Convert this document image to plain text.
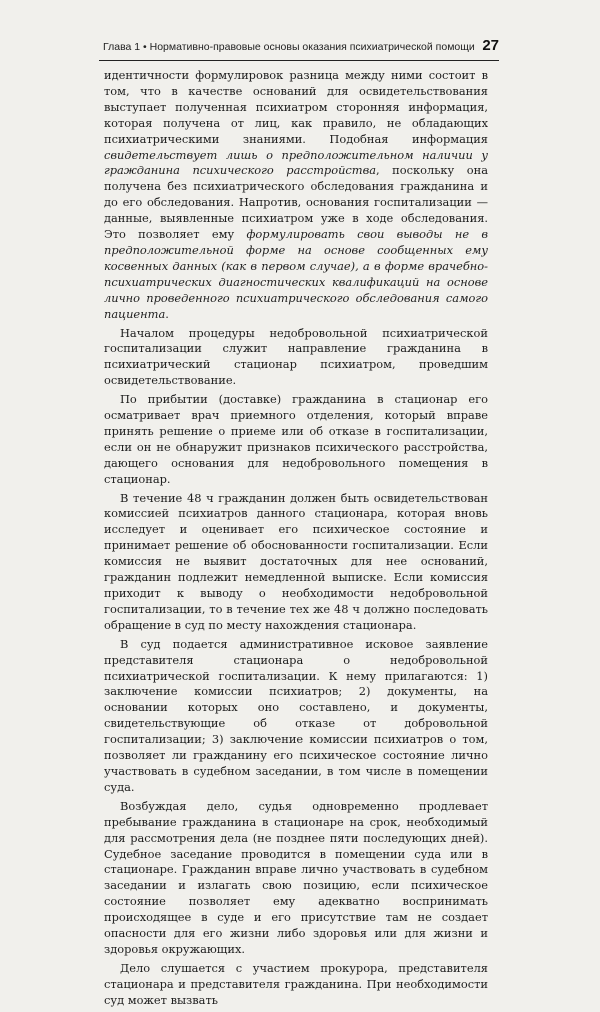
Глава 1 • Нормативно-правовые основы оказания психиатрической помощи 27

идентичности формулировок разница между ними состоит в том, что в качестве оснований для освидетельствования выступает полученная психиатром сторонняя информация, которая получена от лиц, как правило, не обладающих психиатрическими знаниями. Подобная информация свидетельствует лишь о предположительном наличии у гражданина психического расстройства, поскольку она получена без психиатрического обследования гражданина и до его обследования. Напротив, основания госпитализации — данные, выявленные психиатром уже в ходе обследования. Это позволяет ему формулировать свои выводы не в предположительной форме на основе сообщенных ему косвенных данных (как в первом случае), а в форме врачебно-психиатрических диагностических квалификаций на основе лично проведенного психиатрического обследования самого пациента.

Началом процедуры недобровольной психиатрической госпитализации служит направление гражданина в психиатрический стационар психиатром, проведшим освидетельствование.

По прибытии (доставке) гражданина в стационар его осматривает врач приемного отделения, который вправе принять решение о приеме или об отказе в госпитализации, если он не обнаружит признаков психического расстройства, дающего основания для недобровольного помещения в стационар.

В течение 48 ч гражданин должен быть освидетельствован комиссией психиатров данного стационара, которая вновь исследует и оценивает его психическое состояние и принимает решение об обоснованности госпитализации. Если комиссия не выявит достаточных для нее оснований, гражданин подлежит немедленной выписке. Если комиссия приходит к выводу о необходимости недобровольной госпитализации, то в течение тех же 48 ч должно последовать обращение в суд по месту нахождения стационара.

В суд подается административное исковое заявление представителя стационара о недобровольной психиатрической госпитализации. К нему прилагаются: 1) заключение комиссии психиатров; 2) документы, на основании которых оно составлено, и документы, свидетельствующие об отказе от добровольной госпитализации; 3) заключение комиссии психиатров о том, позволяет ли гражданину его психическое состояние лично участвовать в судебном заседании, в том числе в помещении суда.

Возбуждая дело, судья одновременно продлевает пребывание гражданина в стационаре на срок, необходимый для рассмотрения дела (не позднее пяти последующих дней). Судебное заседание проводится в помещении суда или в стационаре. Гражданин вправе лично участвовать в судебном заседании и излагать свою позицию, если психическое состояние позволяет ему адекватно воспринимать происходящее в суде и его присутствие там не создает опасности для его жизни либо здоровья или для жизни и здоровья окружающих.

Дело слушается с участием прокурора, представителя стационара и представителя гражданина. При необходимости суд может вызвать
